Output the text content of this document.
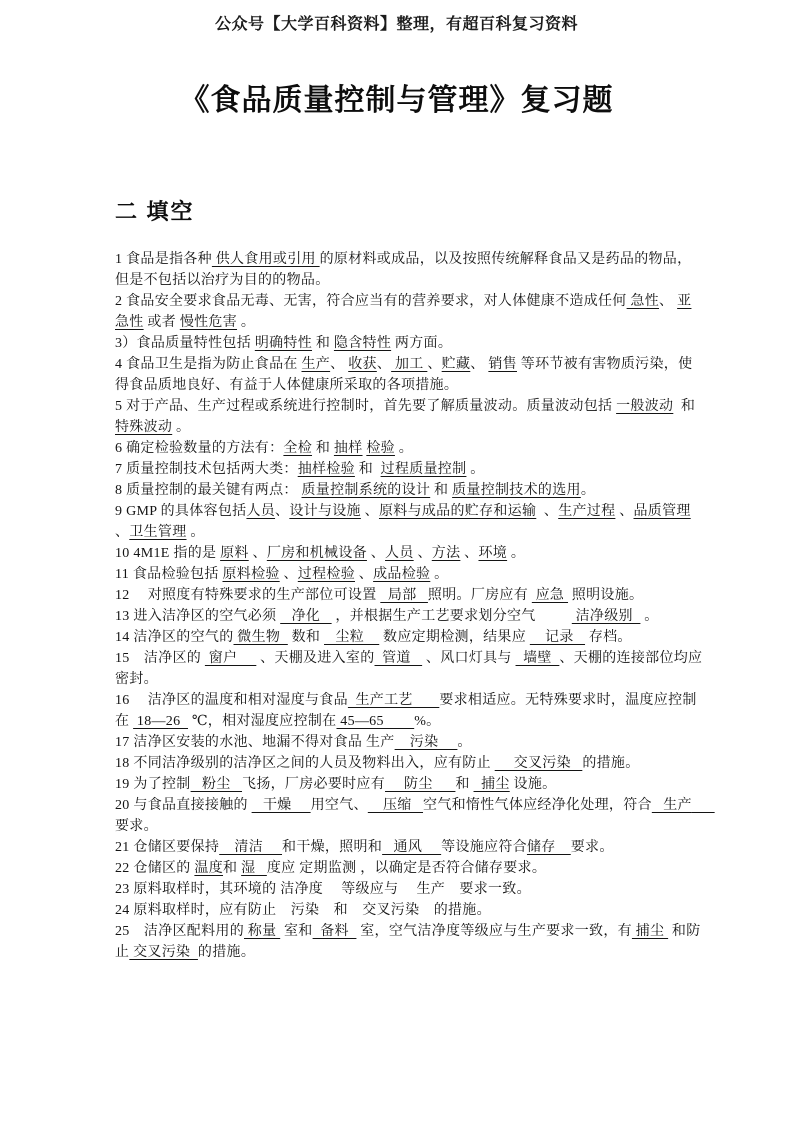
公众号【大学百科资料】整理，有超百科复习资料
《食品质量控制与管理》复习题
二 填空

1 食品是指各种 供人食用或引用 的原材料或成品，以及按照传统解释食品又是药品的物品，但是不包括以治疗为目的的物品。

2 食品安全要求食品无毒、无害，符合应当有的营养要求，对人体健康不造成任何 急性、 亚急性 或者 慢性危害 。

3）食品质量特性包括 明确特性 和 隐含特性 两方面。

4 食品卫生是指为防止食品在 生产、 收获、 加工 、贮藏、 销售 等环节被有害物质污染，使得食品质地良好、有益于人体健康所采取的各项措施。

5 对于产品、生产过程或系统进行控制时，首先要了解质量波动。质量波动包括 一般波动  和 特殊波动 。

6 确定检验数量的方法有：全检 和 抽样 检验 。

7 质量控制技术包括两大类：抽样检验 和  过程质量控制 。

8 质量控制的最关键有两点： 质量控制系统的设计 和 质量控制技术的选用。

9 GMP 的具体容包括人员、设计与设施 、原料与成品的贮存和运输  、生产过程 、品质管理 、卫生管理 。

10 4M1E 指的是 原料 、厂房和机械设备 、人员 、方法 、环境 。

11 食品检验包括 原料检验 、过程检验 、成品检验 。

12　 对照度有特殊要求的生产部位可设置   局部   照明。厂房应有  应急  照明设施。

13 进入洁净区的空气必须    净化    ，并根据生产工艺要求划分空气　　   洁净级别   。

14 洁净区的空气的 微生物   数和    尘粒     数应定期检测，结果应     记录    存档。

15　洁净区的  窗户      、天棚及进入室的  管道    、风口灯具与   墙壁  、天棚的连接部位均应密封。

16　 洁净区的温度和相对湿度与食品  生产工艺       要求相适应。无特殊要求时，温度应控制在  18—26   ℃，相对湿度应控制在 45—65        %。

17 洁净区安装的水池、地漏不得对食品 生产    污染     。

18 不同洁净级别的洁净区之间的人员及物料出入，应有防止      交叉污染   的措施。

19 为了控制   粉尘   飞扬，厂房必要时应有     防尘      和   捕尘 设施。

20 与食品直接接触的    干燥     用空气、    压缩   空气和惰性气体应经净化处理，符合   生产      要求。

21 仓储区要保持    清洁     和干燥，照明和   通风     等设施应符合储存    要求。

22 仓储区的 温度和 湿   度应 定期监测 ，以确定是否符合储存要求。

23 原料取样时，其环境的 洁净度　 等级应与　 生产　要求一致。

24 原料取样时，应有防止　污染　和　交叉污染　的措施。

25　洁净区配料用的 称量  室和  备料   室，空气洁净度等级应与生产要求一致，有 捕尘  和防止 交叉污染  的措施。
